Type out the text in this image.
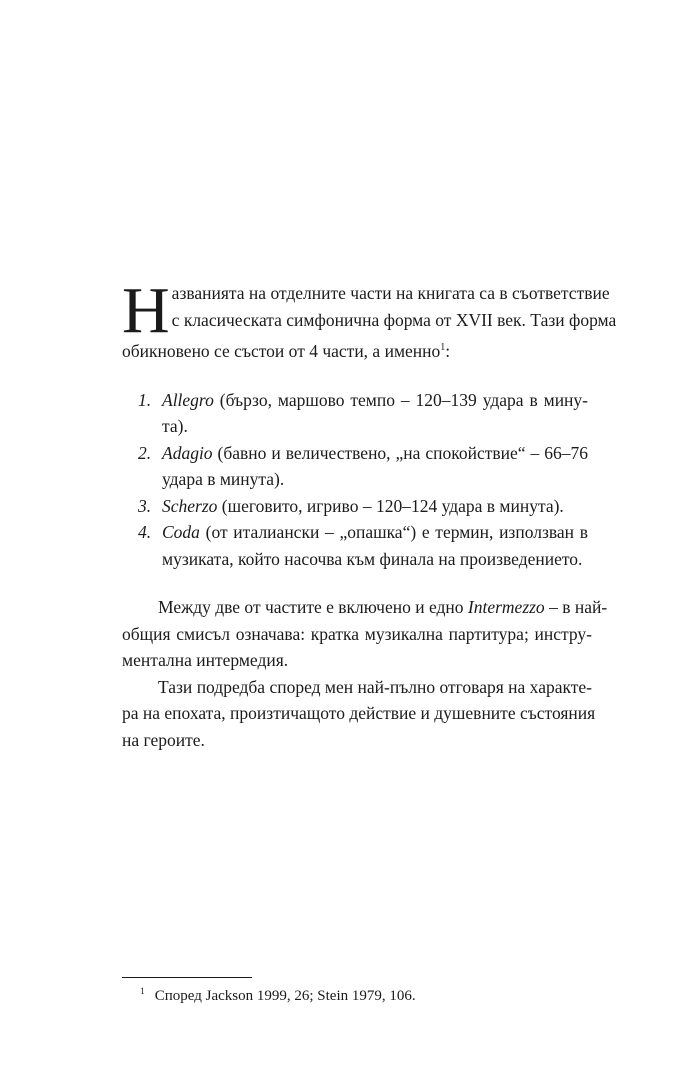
Н азванията на отделните части на книгата са в съответствие
с класическата симфонична форма от XVII век. Тази форма
обикновено се състои от 4 части, а именно$^1$:
1. Allegro (бързо, маршово темпо – 120–139 удара в мину-
та).
2. Adagio (бавно и величествено, „на спокойствие“ – 66–76
удара в минута).
3. Scherzo (шеговито, игриво – 120–124 удара в минута).
4. Coda (от италиански – „опашка“) е термин, използван в
музиката, който насочва към финала на произведението.
Между две от частите е включено и едно Intermezzo – в най-
общия смисъл означава: кратка музикална партитура; инстру-
ментална интермедия.
Тази подредба според мен най-пълно отговаря на характе-
ра на епохата, произтичащото действие и душевните състояния
на героите.
$^1$ Според Jackson 1999, 26; Stein 1979, 106.
